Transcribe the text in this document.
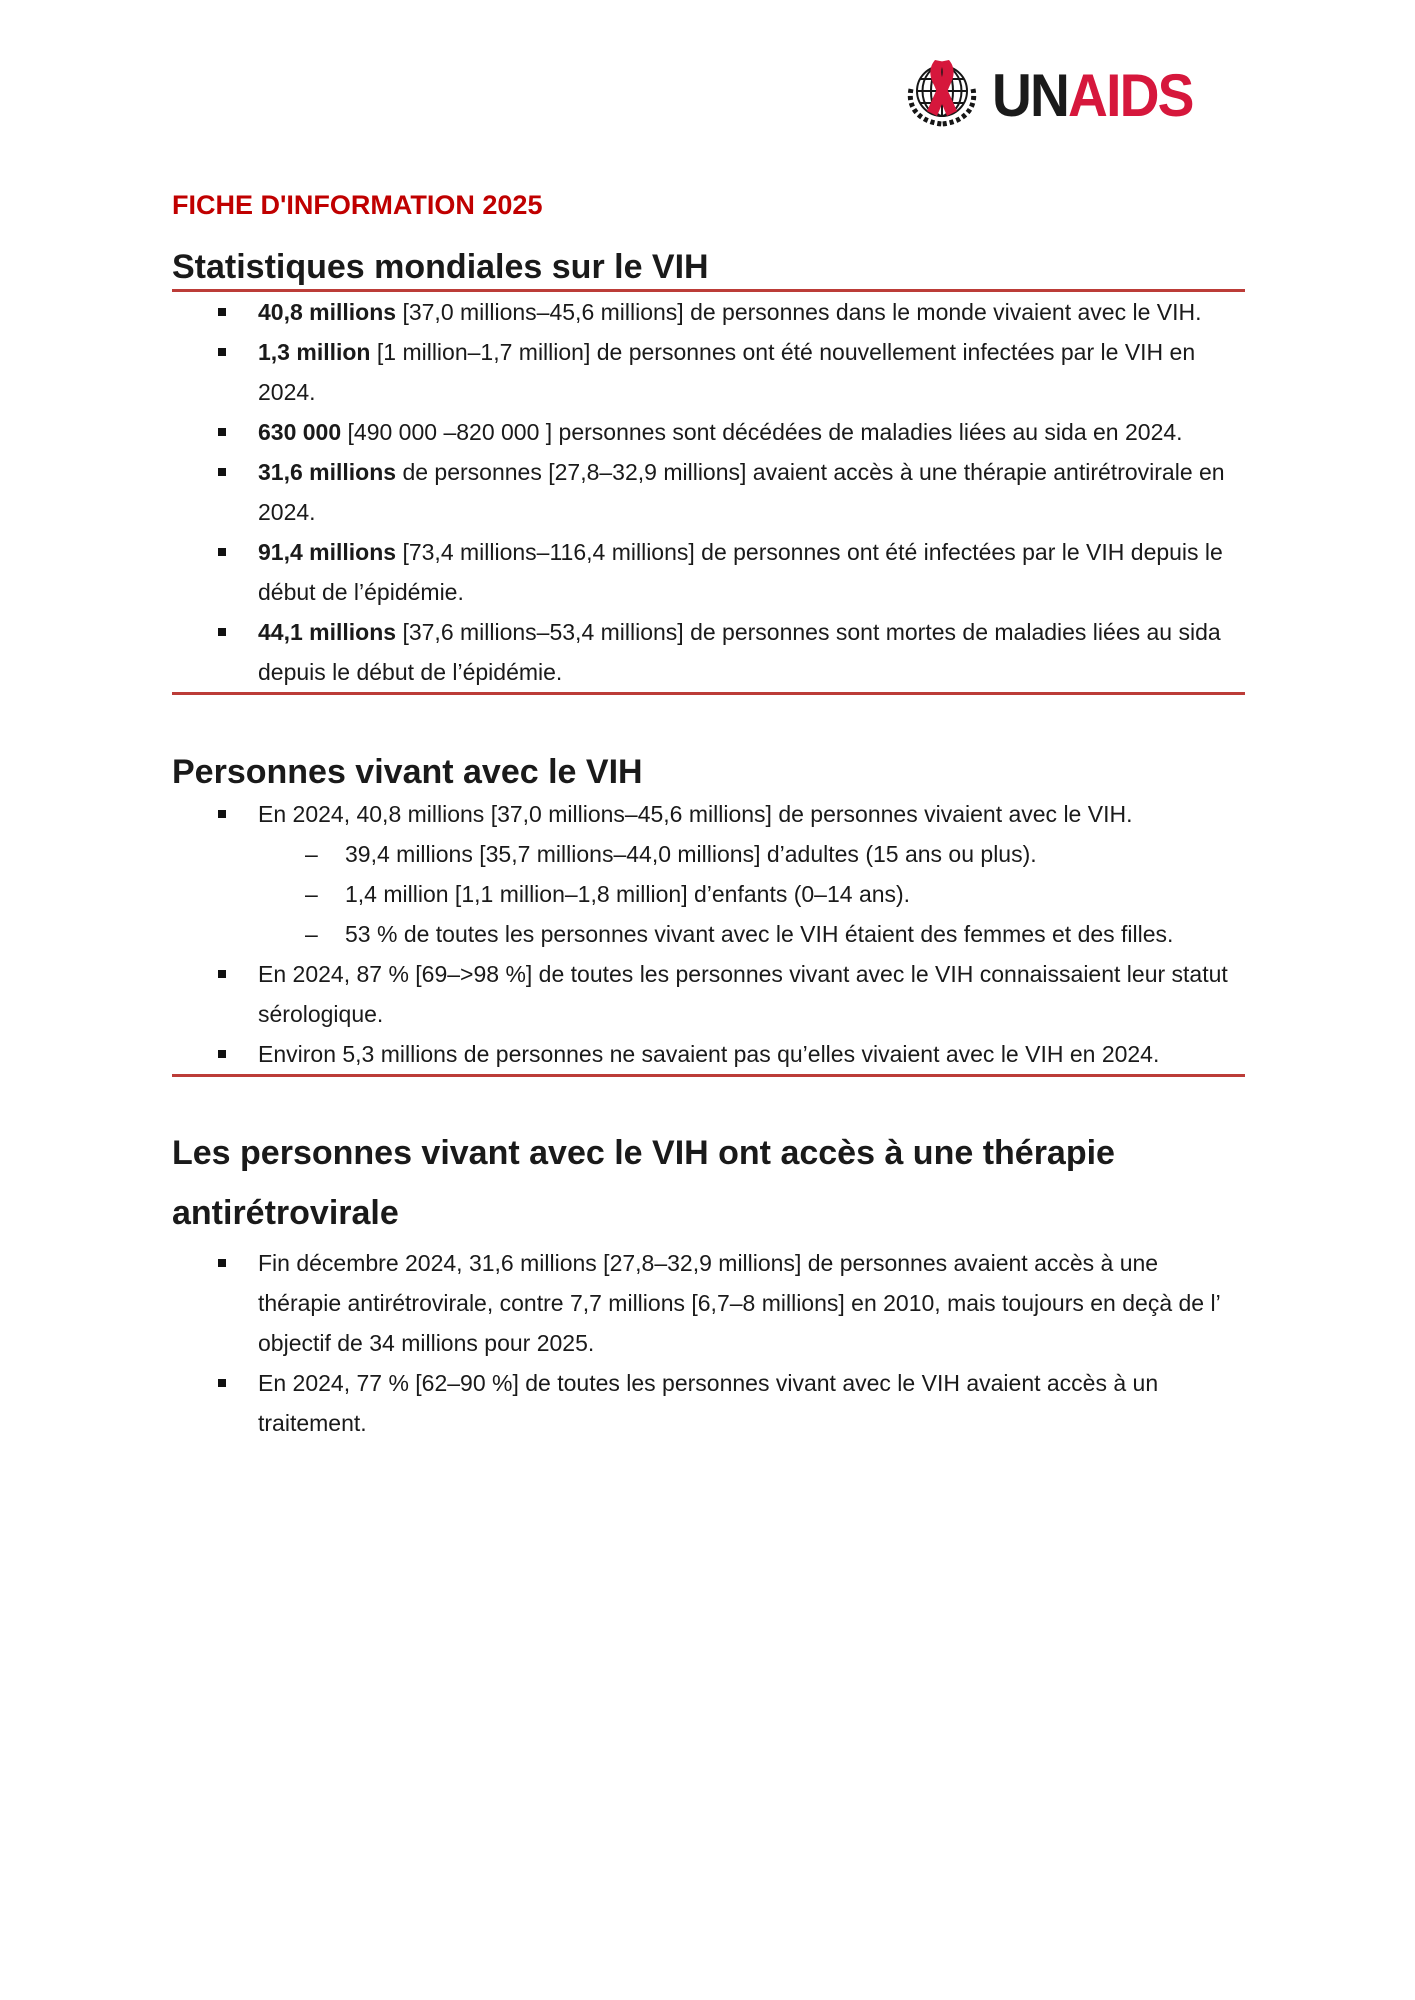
UNAIDS
FICHE D'INFORMATION 2025
Statistiques mondiales sur le VIH
40,8 millions [37,0 millions–45,6 millions] de personnes dans le monde vivaient avec le VIH.
1,3 million [1 million–1,7 million] de personnes ont été nouvellement infectées par le VIH en 2024.
630 000 [490 000 –820 000 ] personnes sont décédées de maladies liées au sida en 2024.
31,6 millions de personnes [27,8–32,9 millions] avaient accès à une thérapie antirétrovirale en 2024.
91,4 millions [73,4 millions–116,4 millions] de personnes ont été infectées par le VIH depuis le début de l’épidémie.
44,1 millions [37,6 millions–53,4 millions] de personnes sont mortes de maladies liées au sida depuis le début de l’épidémie.
Personnes vivant avec le VIH
En 2024, 40,8 millions [37,0 millions–45,6 millions] de personnes vivaient avec le VIH.
– 39,4 millions [35,7 millions–44,0 millions] d’adultes (15 ans ou plus).
– 1,4 million [1,1 million–1,8 million] d’enfants (0–14 ans).
– 53 % de toutes les personnes vivant avec le VIH étaient des femmes et des filles.
En 2024, 87 % [69–>98 %] de toutes les personnes vivant avec le VIH connaissaient leur statut sérologique.
Environ 5,3 millions de personnes ne savaient pas qu’elles vivaient avec le VIH en 2024.
Les personnes vivant avec le VIH ont accès à une thérapie antirétrovirale
Fin décembre 2024, 31,6 millions [27,8–32,9 millions] de personnes avaient accès à une thérapie antirétrovirale, contre 7,7 millions [6,7–8 millions] en 2010, mais toujours en deçà de l’ objectif de 34 millions pour 2025.
En 2024, 77 % [62–90 %] de toutes les personnes vivant avec le VIH avaient accès à un traitement.
